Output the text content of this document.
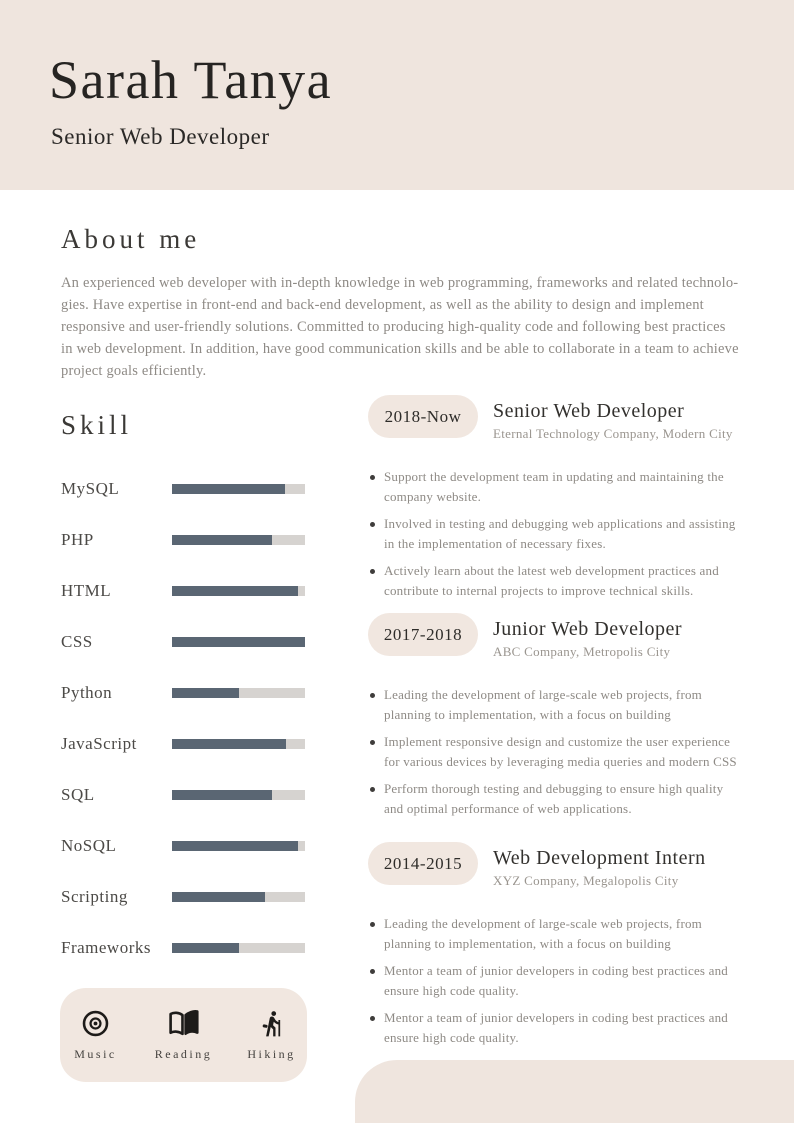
Sarah Tanya
Senior Web Developer
About me
An experienced web developer with in-depth knowledge in web programming, frameworks and related technolo- gies. Have expertise in front-end and back-end development, as well as the ability to design and implement responsive and user-friendly solutions. Committed to producing high-quality code and following best practices in web development. In addition, have good communication skills and be able to collaborate in a team to achieve project goals efficiently.
Skill
MySQL
PHP
HTML
CSS
Python
JavaScript
SQL
NoSQL
Scripting
Frameworks
2018-Now	Senior Web Developer
Eternal Technology Company, Modern City
Support the development team in updating and maintaining the company website.
Involved in testing and debugging web applications and assisting in the implementation of necessary fixes.
Actively learn about the latest web development practices and contribute to internal projects to improve technical skills.
2017-2018	Junior Web Developer
ABC Company, Metropolis City
Leading the development of large-scale web projects, from planning to implementation, with a focus on building
Implement responsive design and customize the user experience for various devices by leveraging media queries and modern CSS
Perform thorough testing and debugging to ensure high quality and optimal performance of web applications.
2014-2015	Web Development Intern
XYZ Company, Megalopolis City
Leading the development of large-scale web projects, from planning to implementation, with a focus on building
Mentor a team of junior developers in coding best practices and ensure high code quality.
Mentor a team of junior developers in coding best practices and ensure high code quality.
Music	Reading	Hiking
